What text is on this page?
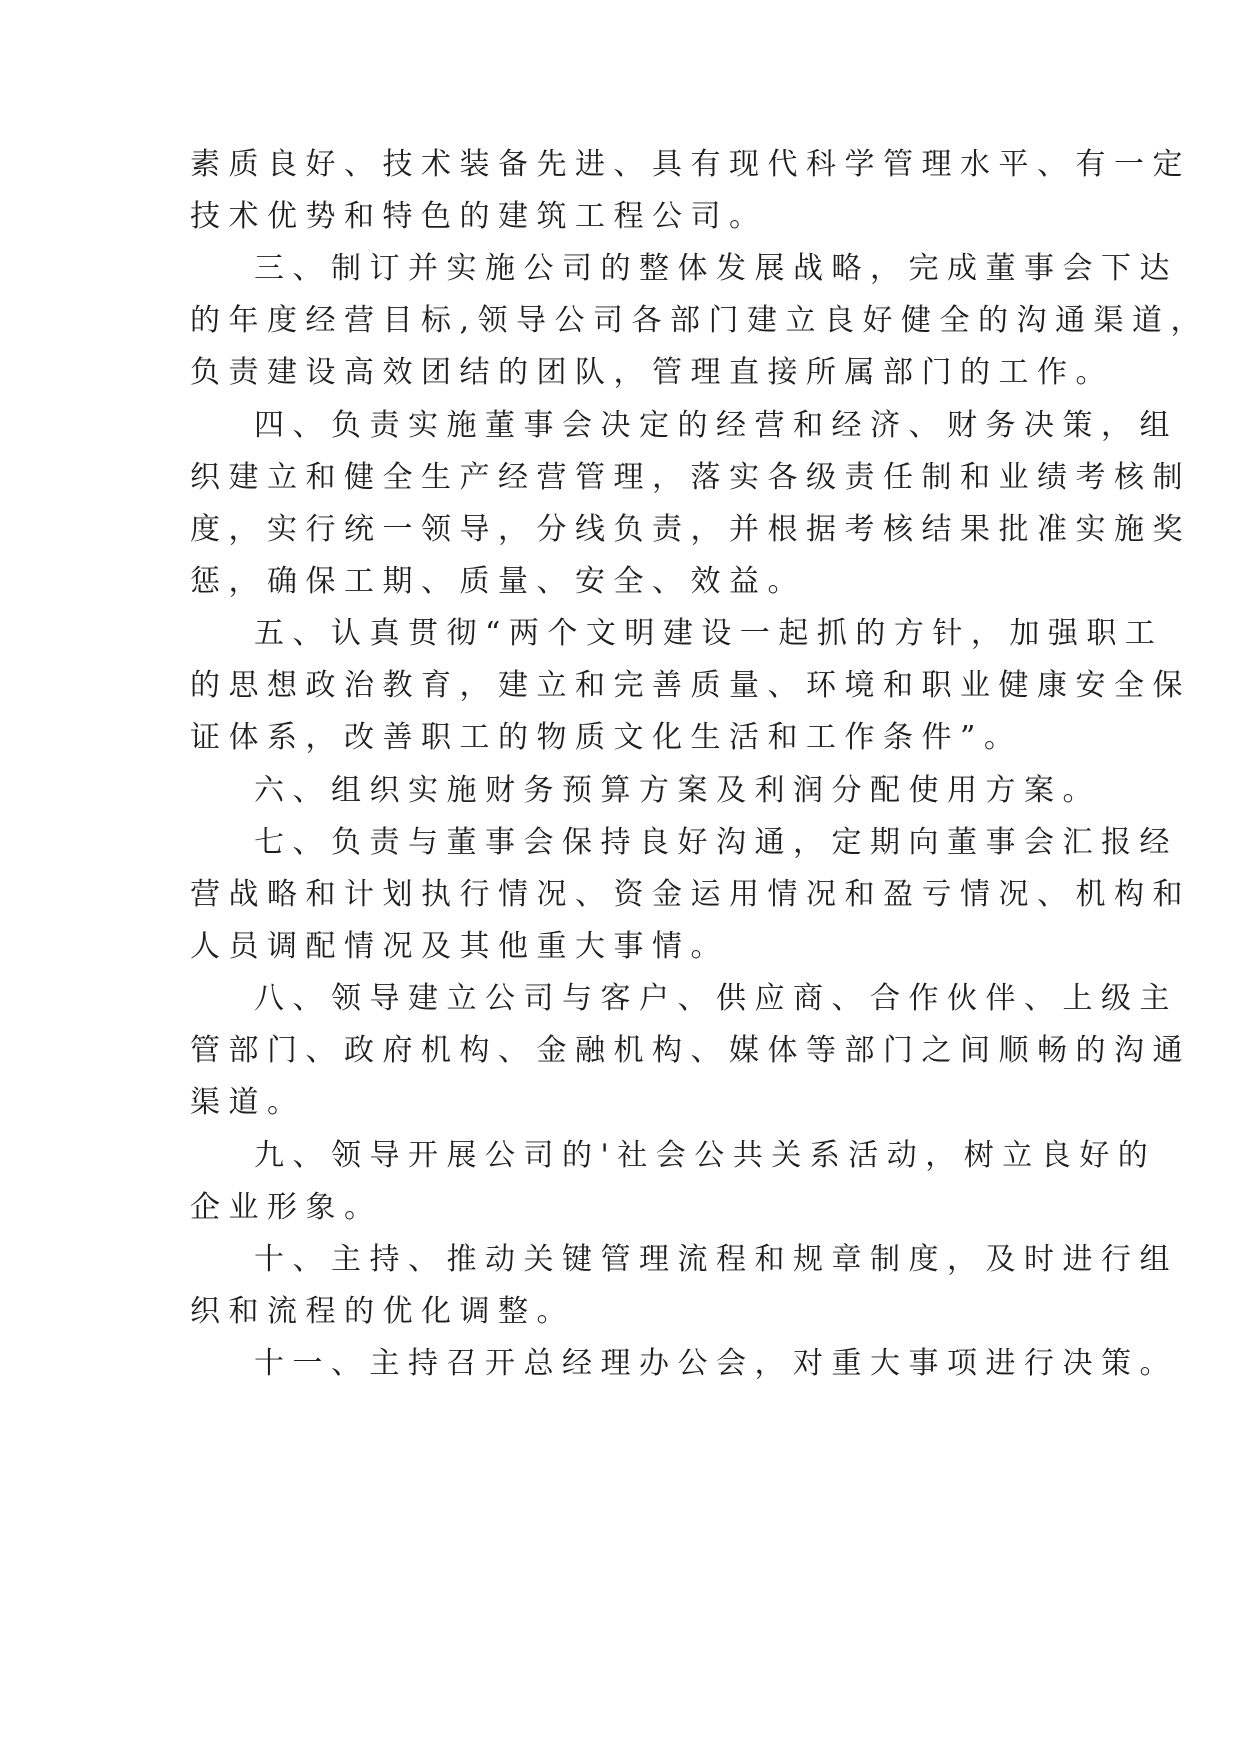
素质良好、技术装备先进、具有现代科学管理水平、有一定
技术优势和特色的建筑工程公司。
三、制订并实施公司的整体发展战略，完成董事会下达
的年度经营目标,领导公司各部门建立良好健全的沟通渠道，
负责建设高效团结的团队，管理直接所属部门的工作。
四、负责实施董事会决定的经营和经济、财务决策，组
织建立和健全生产经营管理，落实各级责任制和业绩考核制
度，实行统一领导，分线负责，并根据考核结果批准实施奖
惩，确保工期、质量、安全、效益。
五、认真贯彻“两个文明建设一起抓的方针，加强职工
的思想政治教育，建立和完善质量、环境和职业健康安全保
证体系，改善职工的物质文化生活和工作条件”。
六、组织实施财务预算方案及利润分配使用方案。
七、负责与董事会保持良好沟通，定期向董事会汇报经
营战略和计划执行情况、资金运用情况和盈亏情况、机构和
人员调配情况及其他重大事情。
八、领导建立公司与客户、供应商、合作伙伴、上级主
管部门、政府机构、金融机构、媒体等部门之间顺畅的沟通
渠道。
九、领导开展公司的'社会公共关系活动，树立良好的
企业形象。
十、主持、推动关键管理流程和规章制度，及时进行组
织和流程的优化调整。
十一、主持召开总经理办公会，对重大事项进行决策。
